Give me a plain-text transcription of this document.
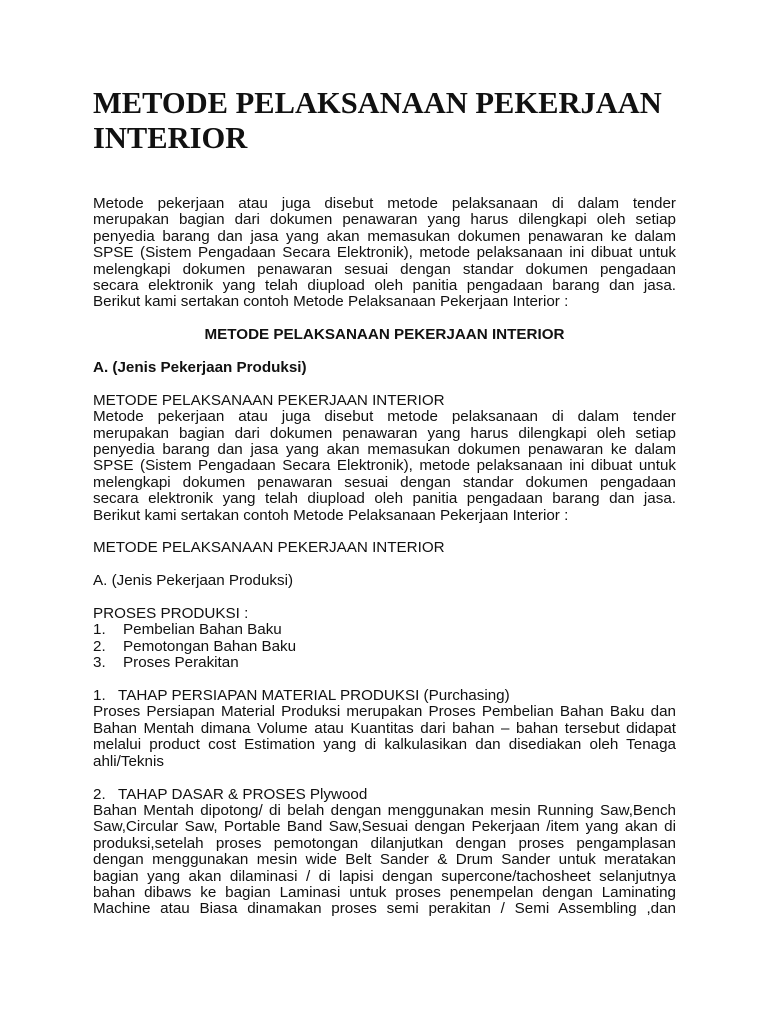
METODE PELAKSANAAN PEKERJAAN
INTERIOR

Metode pekerjaan atau juga disebut metode pelaksanaan di dalam tender
merupakan bagian dari dokumen penawaran yang harus dilengkapi oleh setiap
penyedia barang dan jasa yang akan memasukan dokumen penawaran ke dalam
SPSE (Sistem Pengadaan Secara Elektronik), metode pelaksanaan ini dibuat untuk
melengkapi dokumen penawaran sesuai dengan standar dokumen pengadaan
secara elektronik yang telah diupload oleh panitia pengadaan barang dan jasa.
Berikut kami sertakan contoh Metode Pelaksanaan Pekerjaan Interior :

METODE PELAKSANAAN PEKERJAAN INTERIOR

A. (Jenis Pekerjaan Produksi)

METODE PELAKSANAAN PEKERJAAN INTERIOR

Metode pekerjaan atau juga disebut metode pelaksanaan di dalam tender
merupakan bagian dari dokumen penawaran yang harus dilengkapi oleh setiap
penyedia barang dan jasa yang akan memasukan dokumen penawaran ke dalam
SPSE (Sistem Pengadaan Secara Elektronik), metode pelaksanaan ini dibuat untuk
melengkapi dokumen penawaran sesuai dengan standar dokumen pengadaan
secara elektronik yang telah diupload oleh panitia pengadaan barang dan jasa.
Berikut kami sertakan contoh Metode Pelaksanaan Pekerjaan Interior :

METODE PELAKSANAAN PEKERJAAN INTERIOR

A. (Jenis Pekerjaan Produksi)

PROSES PRODUKSI :

1.	Pembelian Bahan Baku
2.	Pemotongan Bahan Baku
3.	Proses Perakitan

1.   TAHAP PERSIAPAN MATERIAL PRODUKSI (Purchasing)

Proses Persiapan Material Produksi merupakan Proses Pembelian Bahan Baku dan
Bahan Mentah dimana Volume atau Kuantitas dari bahan – bahan tersebut didapat
melalui product cost Estimation yang di kalkulasikan dan disediakan oleh Tenaga
ahli/Teknis

2.   TAHAP DASAR & PROSES Plywood

Bahan Mentah dipotong/ di belah dengan menggunakan mesin Running Saw,Bench
Saw,Circular Saw, Portable Band Saw,Sesuai dengan Pekerjaan /item yang akan di
produksi,setelah proses pemotongan dilanjutkan dengan proses pengamplasan
dengan menggunakan mesin wide Belt Sander & Drum Sander untuk meratakan
bagian yang akan dilaminasi / di lapisi dengan supercone/tachosheet selanjutnya
bahan dibaws ke bagian Laminasi untuk proses penempelan dengan Laminating
Machine atau Biasa dinamakan proses semi perakitan / Semi Assembling ,dan
